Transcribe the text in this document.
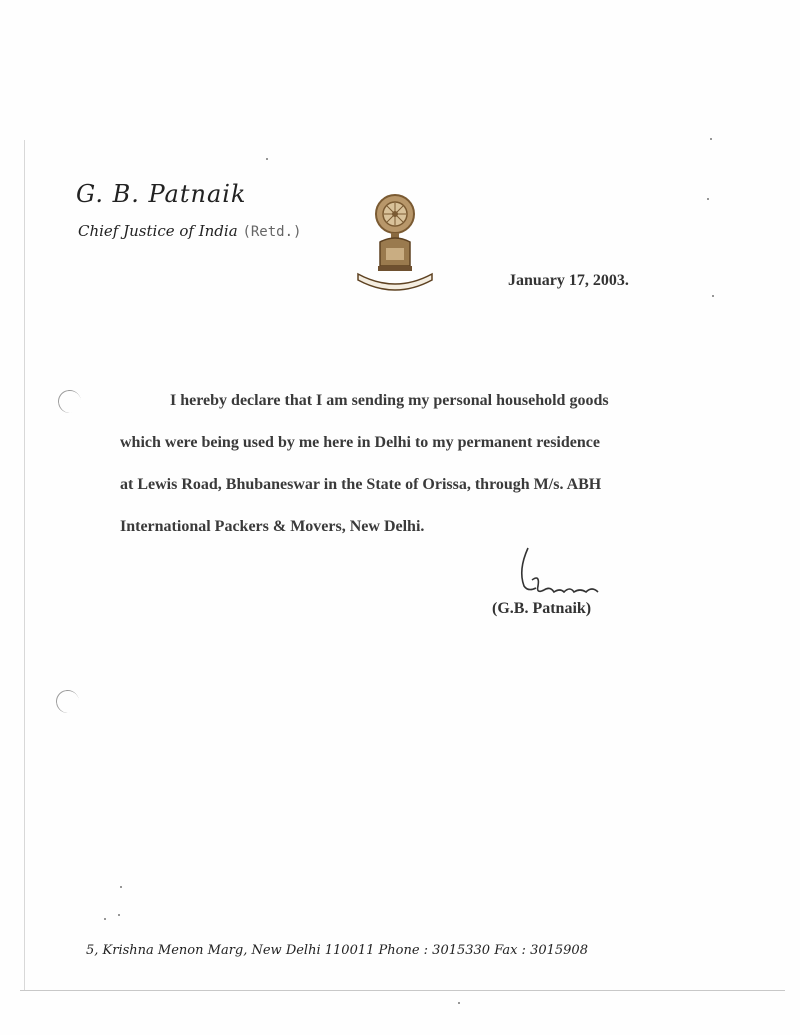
G. B. Patnaik
Chief Justice of India (Retd.)
January 17, 2003.
I hereby declare that I am sending my personal household goods
which were being used by me here in Delhi to my permanent residence
at Lewis Road, Bhubaneswar in the State of Orissa, through M/s. ABH
International Packers & Movers, New Delhi.
(G.B. Patnaik)
5, Krishna Menon Marg, New Delhi 110011 Phone : 3015330 Fax : 3015908
